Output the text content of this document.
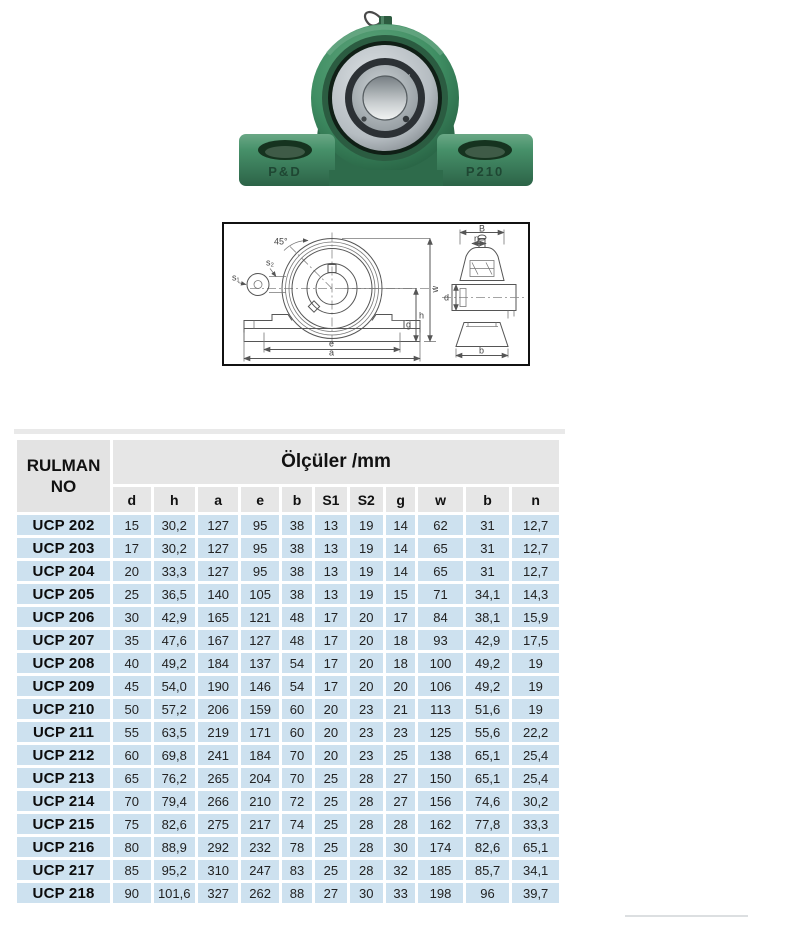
P&D	P210
45°
s₂
s₁
w
h
g
e
a
B
n
d
b
RULMAN
NO	Ölçüler /mm										
	d	h	a	e	b	S1	S2	g	w	b	n
UCP 202	15	30,2	127	95	38	13	19	14	62	31	12,7
UCP 203	17	30,2	127	95	38	13	19	14	65	31	12,7
UCP 204	20	33,3	127	95	38	13	19	14	65	31	12,7
UCP 205	25	36,5	140	105	38	13	19	15	71	34,1	14,3
UCP 206	30	42,9	165	121	48	17	20	17	84	38,1	15,9
UCP 207	35	47,6	167	127	48	17	20	18	93	42,9	17,5
UCP 208	40	49,2	184	137	54	17	20	18	100	49,2	19
UCP 209	45	54,0	190	146	54	17	20	20	106	49,2	19
UCP 210	50	57,2	206	159	60	20	23	21	113	51,6	19
UCP 211	55	63,5	219	171	60	20	23	23	125	55,6	22,2
UCP 212	60	69,8	241	184	70	20	23	25	138	65,1	25,4
UCP 213	65	76,2	265	204	70	25	28	27	150	65,1	25,4
UCP 214	70	79,4	266	210	72	25	28	27	156	74,6	30,2
UCP 215	75	82,6	275	217	74	25	28	28	162	77,8	33,3
UCP 216	80	88,9	292	232	78	25	28	30	174	82,6	65,1
UCP 217	85	95,2	310	247	83	25	28	32	185	85,7	34,1
UCP 218	90	101,6	327	262	88	27	30	33	198	96	39,7
